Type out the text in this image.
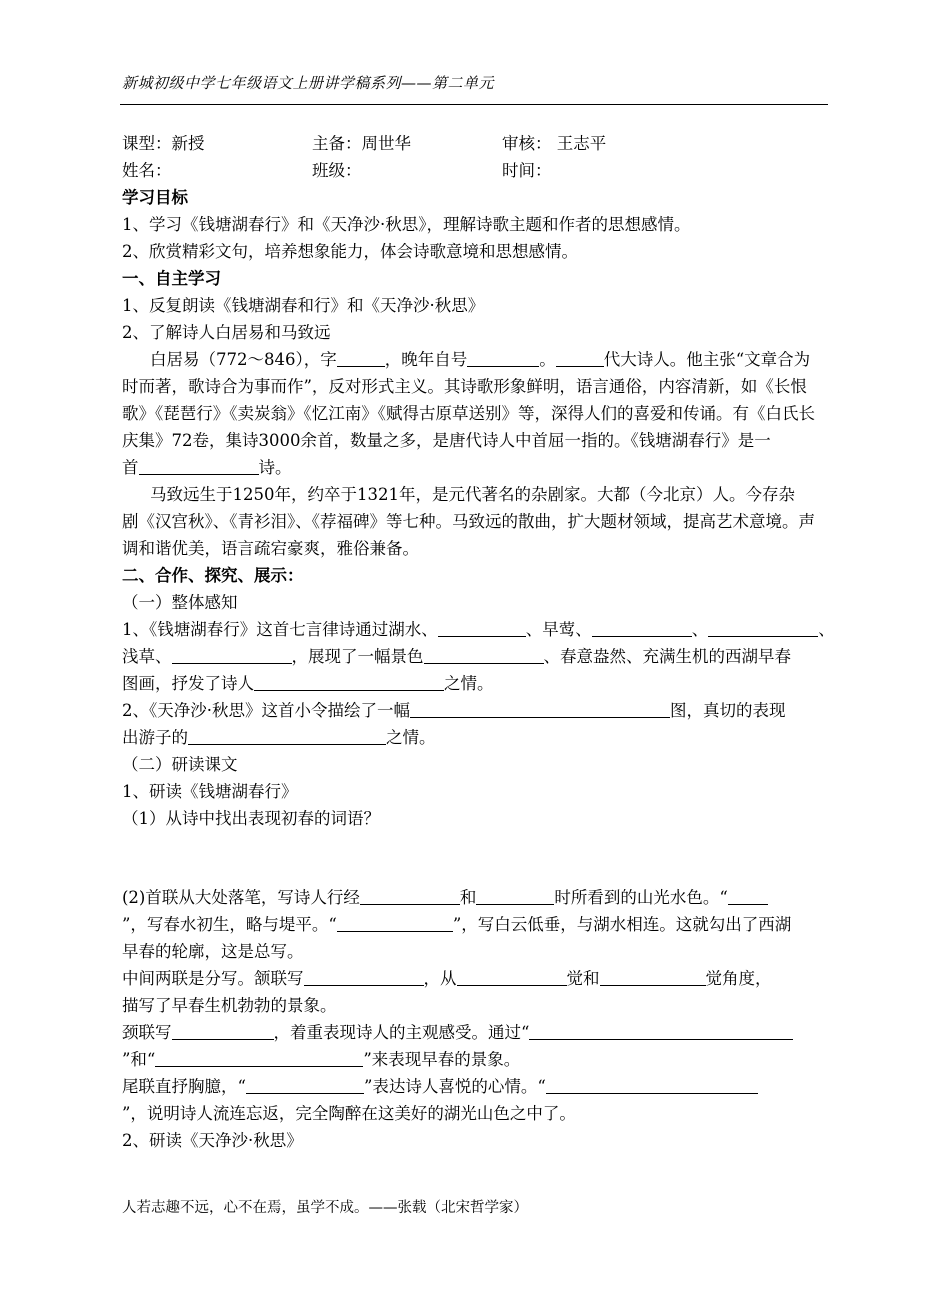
新城初级中学七年级语文上册讲学稿系列——第二单元
课型：新授	主备：周世华	审核： 王志平
姓名：	班级：	时间：
学习目标
1、学习《钱塘湖春行》和《天净沙·秋思》，理解诗歌主题和作者的思想感情。
2、欣赏精彩文句，培养想象能力，体会诗歌意境和思想感情。
一、自主学习
1、反复朗读《钱塘湖春和行》和《天净沙·秋思》
2、了解诗人白居易和马致远
白居易（772～846），字	，晚年自号	。	代大诗人。他主张“文章合为
时而著，歌诗合为事而作”，反对形式主义。其诗歌形象鲜明，语言通俗，内容清新，如《长恨
歌》《琵琶行》《卖炭翁》《忆江南》《赋得古原草送别》等，深得人们的喜爱和传诵。有《白氏长
庆集》72卷，集诗3000余首，数量之多，是唐代诗人中首屈一指的。《钱塘湖春行》是一
首	诗。
马致远生于1250年，约卒于1321年，是元代著名的杂剧家。大都（今北京）人。今存杂
剧《汉宫秋》、《青衫泪》、《荐福碑》等七种。马致远的散曲，扩大题材领域，提高艺术意境。声
调和谐优美，语言疏宕豪爽，雅俗兼备。
二、合作、探究、展示：
（一）整体感知
1、《钱塘湖春行》这首七言律诗通过湖水、	、早莺、	、	、
浅草、	，展现了一幅景色	、春意盎然、充满生机的西湖早春
图画，抒发了诗人	之情。
2、《天净沙·秋思》这首小令描绘了一幅	图，真切的表现
出游子的	之情。
（二）研读课文
1、研读《钱塘湖春行》
（1）从诗中找出表现初春的词语？
(2)首联从大处落笔，写诗人行经	和	时所看到的山光水色。“
”，写春水初生，略与堤平。“	”，写白云低垂，与湖水相连。这就勾出了西湖
早春的轮廓，这是总写。
中间两联是分写。颔联写	，从	觉和	觉角度，
描写了早春生机勃勃的景象。
颈联写	，着重表现诗人的主观感受。通过“
”和“	”来表现早春的景象。
尾联直抒胸臆，“	”表达诗人喜悦的心情。“
”，说明诗人流连忘返，完全陶醉在这美好的湖光山色之中了。
2、研读《天净沙·秋思》
人若志趣不远，心不在焉，虽学不成。——张载（北宋哲学家）
